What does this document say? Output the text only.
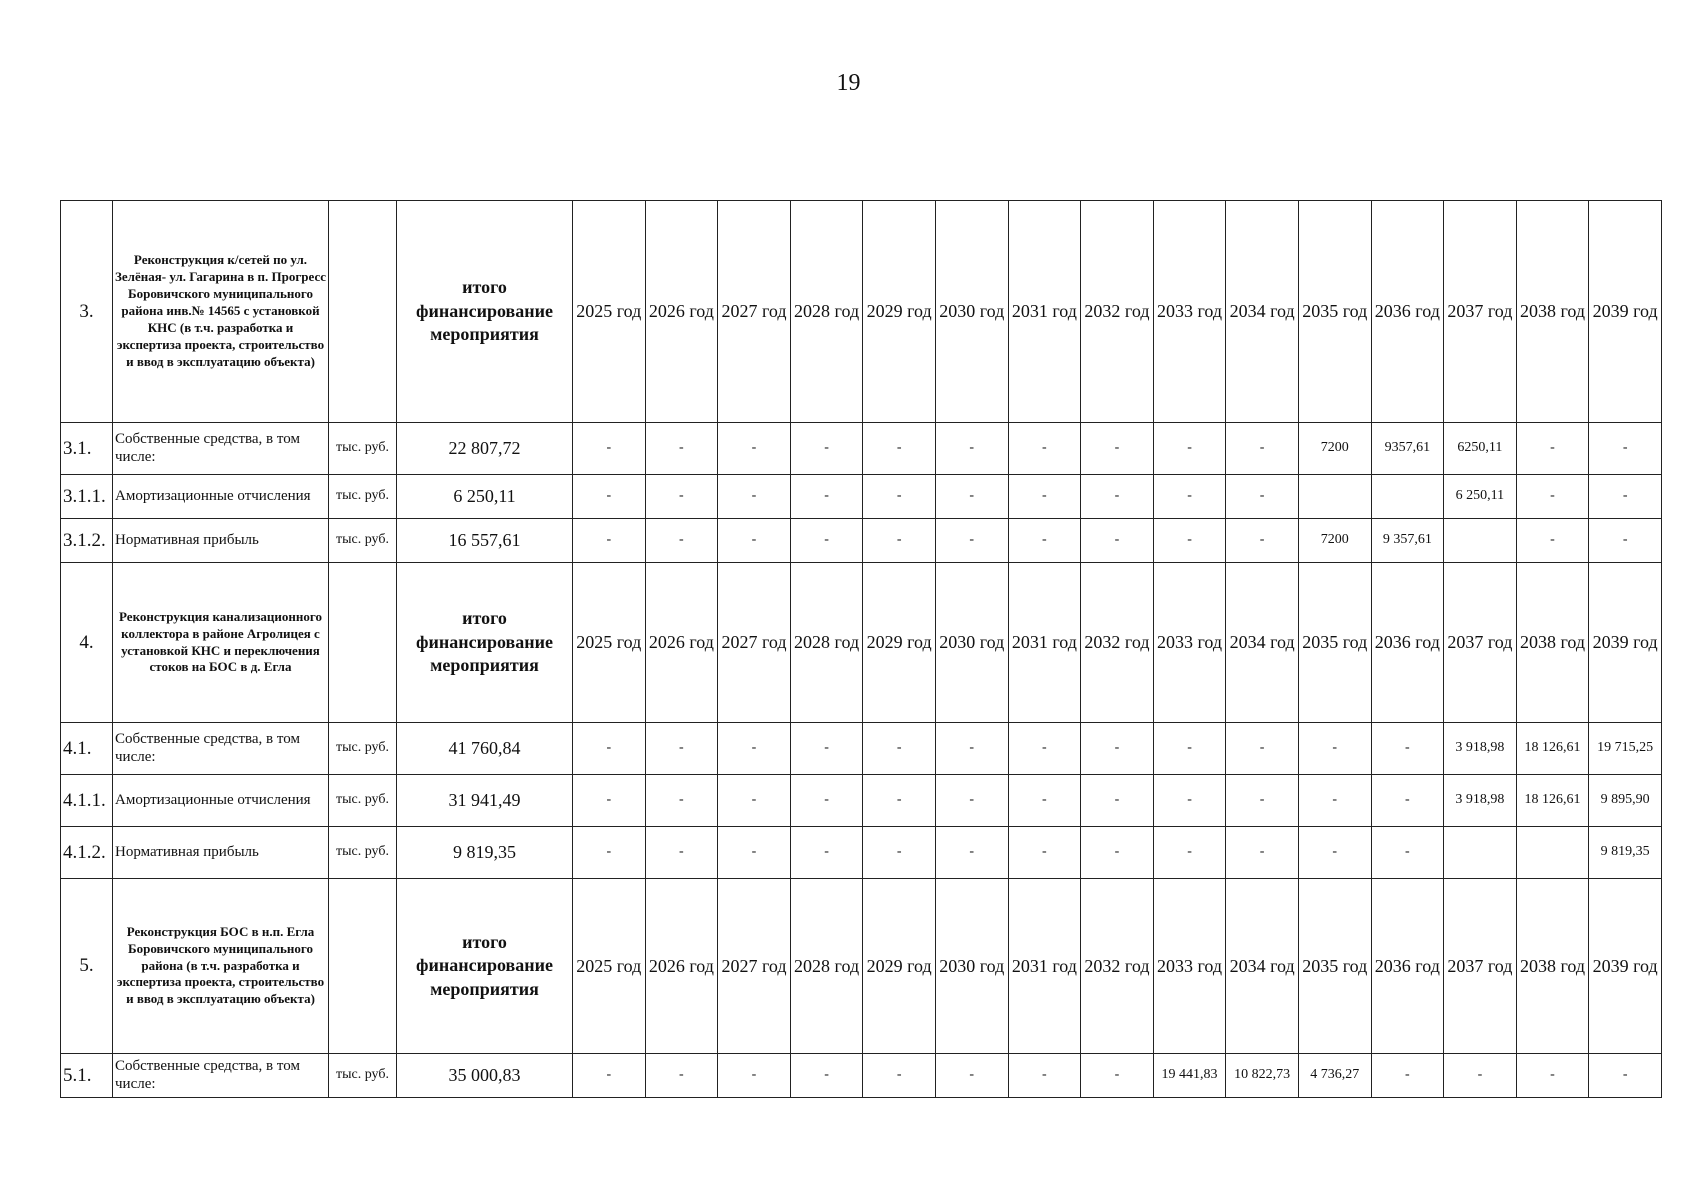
19
3.	Реконструкция к/сетей по ул. Зелёная- ул. Гагарина в п. Прогресс Боровичского муниципального района инв.№ 14565 с установкой КНС (в т.ч. разработка и экспертиза проекта, строительство и ввод в эксплуатацию объекта)		итого финансирование мероприятия	2025 год	2026 год	2027 год	2028 год	2029 год	2030 год	2031 год	2032 год	2033 год	2034 год	2035 год	2036 год	2037 год	2038 год	2039 год
3.1.	Собственные средства, в том числе:	тыс. руб.	22 807,72	-	-	-	-	-	-	-	-	-	-	7200	9357,61	6250,11	-	-
3.1.1.	Амортизационные отчисления	тыс. руб.	6 250,11	-	-	-	-	-	-	-	-	-	-			6 250,11	-	-
3.1.2.	Нормативная прибыль	тыс. руб.	16 557,61	-	-	-	-	-	-	-	-	-	-	7200	9 357,61		-	-
4.	Реконструкция канализационного коллектора в районе Агролицея с установкой КНС и переключения стоков на БОС в д. Егла		итого финансирование мероприятия	2025 год	2026 год	2027 год	2028 год	2029 год	2030 год	2031 год	2032 год	2033 год	2034 год	2035 год	2036 год	2037 год	2038 год	2039 год
4.1.	Собственные средства, в том числе:	тыс. руб.	41 760,84	-	-	-	-	-	-	-	-	-	-	-	-	3 918,98	18 126,61	19 715,25
4.1.1.	Амортизационные отчисления	тыс. руб.	31 941,49	-	-	-	-	-	-	-	-	-	-	-	-	3 918,98	18 126,61	9 895,90
4.1.2.	Нормативная прибыль	тыс. руб.	9 819,35	-	-	-	-	-	-	-	-	-	-	-	-			9 819,35
5.	Реконструкция БОС в н.п. Егла Боровичского муниципального района (в т.ч. разработка и экспертиза проекта, строительство и ввод в эксплуатацию объекта)		итого финансирование мероприятия	2025 год	2026 год	2027 год	2028 год	2029 год	2030 год	2031 год	2032 год	2033 год	2034 год	2035 год	2036 год	2037 год	2038 год	2039 год
5.1.	Собственные средства, в том числе:	тыс. руб.	35 000,83	-	-	-	-	-	-	-	-	19 441,83	10 822,73	4 736,27	-	-	-	-
